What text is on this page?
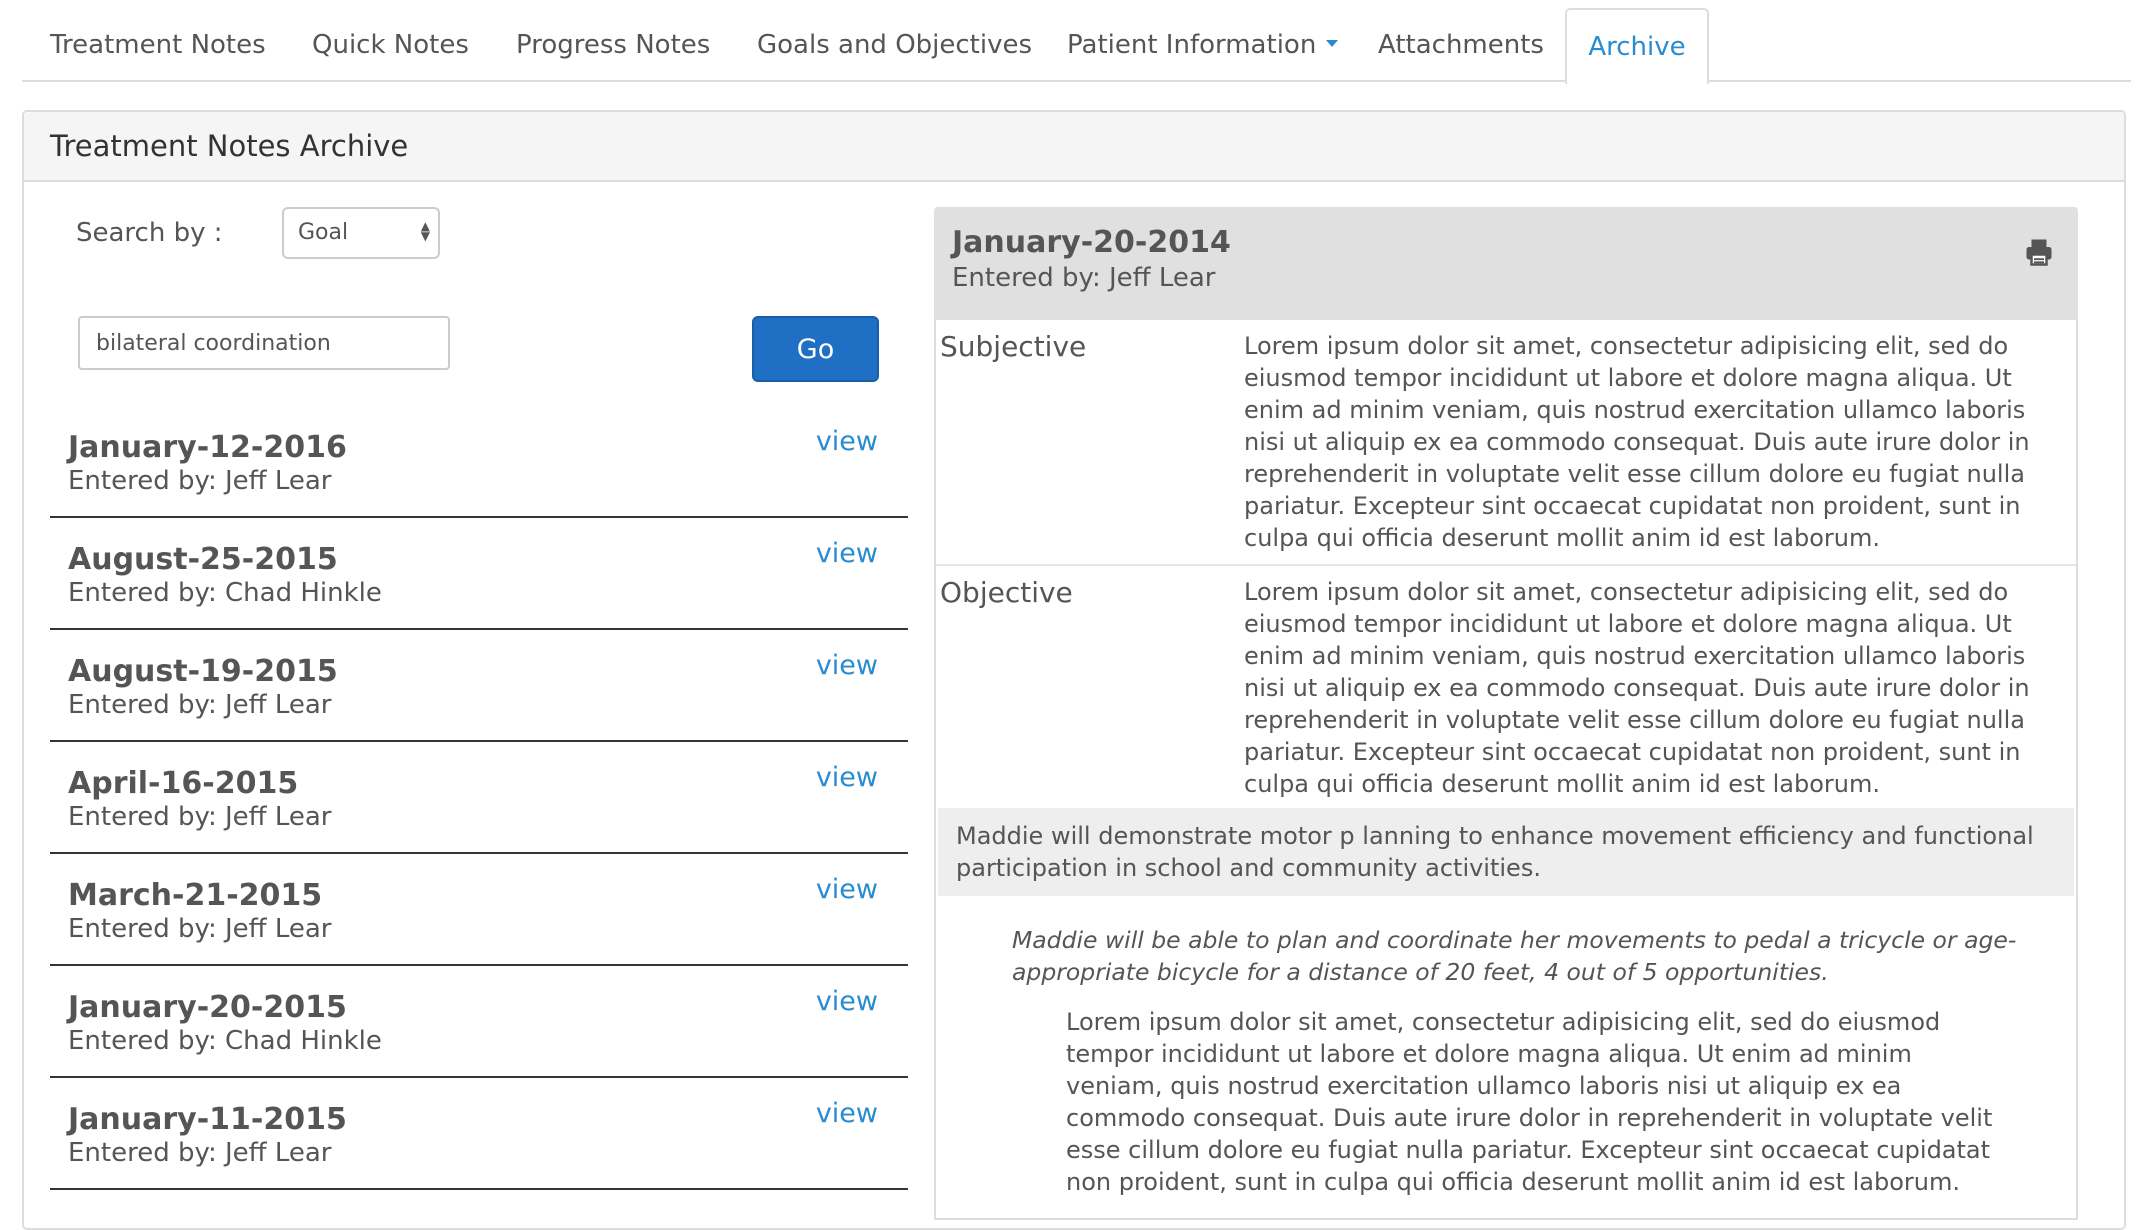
Treatment Notes Quick Notes Progress Notes Goals and Objectives Patient Information	Attachments	Archive
Treatment Notes Archive
Search by :	Goal	▲
▼
bilateral coordination
Go
January-12-2016
Entered by: Jeff Lear
view
August-25-2015
Entered by: Chad Hinkle
view
August-19-2015
Entered by: Jeff Lear
view
April-16-2015
Entered by: Jeff Lear
view
March-21-2015
Entered by: Jeff Lear
view
January-20-2015
Entered by: Chad Hinkle
view
January-11-2015
Entered by: Jeff Lear
view
January-20-2014
Entered by: Jeff Lear
Subjective	Lorem ipsum dolor sit amet, consectetur adipisicing elit, sed do eiusmod tempor incididunt ut labore et dolore magna aliqua. Ut enim ad minim veniam, quis nostrud exercitation ullamco laboris nisi ut aliquip ex ea commodo consequat. Duis aute irure dolor in reprehenderit in voluptate velit esse cillum dolore eu fugiat nulla pariatur. Excepteur sint occaecat cupidatat non proident, sunt in culpa qui officia deserunt mollit anim id est laborum.
Objective	Lorem ipsum dolor sit amet, consectetur adipisicing elit, sed do eiusmod tempor incididunt ut labore et dolore magna aliqua. Ut enim ad minim veniam, quis nostrud exercitation ullamco laboris nisi ut aliquip ex ea commodo consequat. Duis aute irure dolor in reprehenderit in voluptate velit esse cillum dolore eu fugiat nulla pariatur. Excepteur sint occaecat cupidatat non proident, sunt in culpa qui officia deserunt mollit anim id est laborum.
Maddie will demonstrate motor p lanning to enhance movement efficiency and functional participation in school and community activities.
Maddie will be able to plan and coordinate her movements to pedal a tricycle or age-appropriate bicycle for a distance of 20 feet, 4 out of 5 opportunities.
Lorem ipsum dolor sit amet, consectetur adipisicing elit, sed do eiusmod tempor incididunt ut labore et dolore magna aliqua. Ut enim ad minim veniam, quis nostrud exercitation ullamco laboris nisi ut aliquip ex ea commodo consequat. Duis aute irure dolor in reprehenderit in voluptate velit esse cillum dolore eu fugiat nulla pariatur. Excepteur sint occaecat cupidatat non proident, sunt in culpa qui officia deserunt mollit anim id est laborum.
